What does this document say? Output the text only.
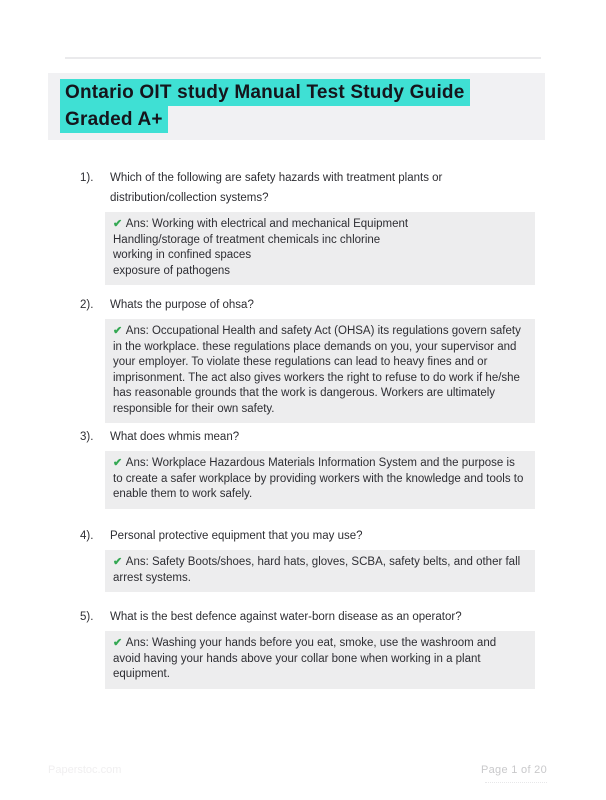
Ontario OIT study Manual Test Study Guide
Graded A+
1).	Which of the following are safety hazards with treatment plants or distribution/collection systems?
✔ Ans: Working with electrical and mechanical Equipment
Handling/storage of treatment chemicals inc chlorine
working in confined spaces
exposure of pathogens
2).	Whats the purpose of ohsa?
✔ Ans: Occupational Health and safety Act (OHSA) its regulations govern safety in the workplace. these regulations place demands on you, your supervisor and your employer. To violate these regulations can lead to heavy fines and or imprisonment. The act also gives workers the right to refuse to do work if he/she has reasonable grounds that the work is dangerous. Workers are ultimately responsible for their own safety.
3).	What does whmis mean?
✔ Ans: Workplace Hazardous Materials Information System and the purpose is to create a safer workplace by providing workers with the knowledge and tools to enable them to work safely.
4).	Personal protective equipment that you may use?
✔ Ans: Safety Boots/shoes, hard hats, gloves, SCBA, safety belts, and other fall arrest systems.
5).	What is the best defence against water-born disease as an operator?
✔ Ans: Washing your hands before you eat, smoke, use the washroom and avoid having your hands above your collar bone when working in a plant equipment.
Paperstoc.com	Page 1 of 20
